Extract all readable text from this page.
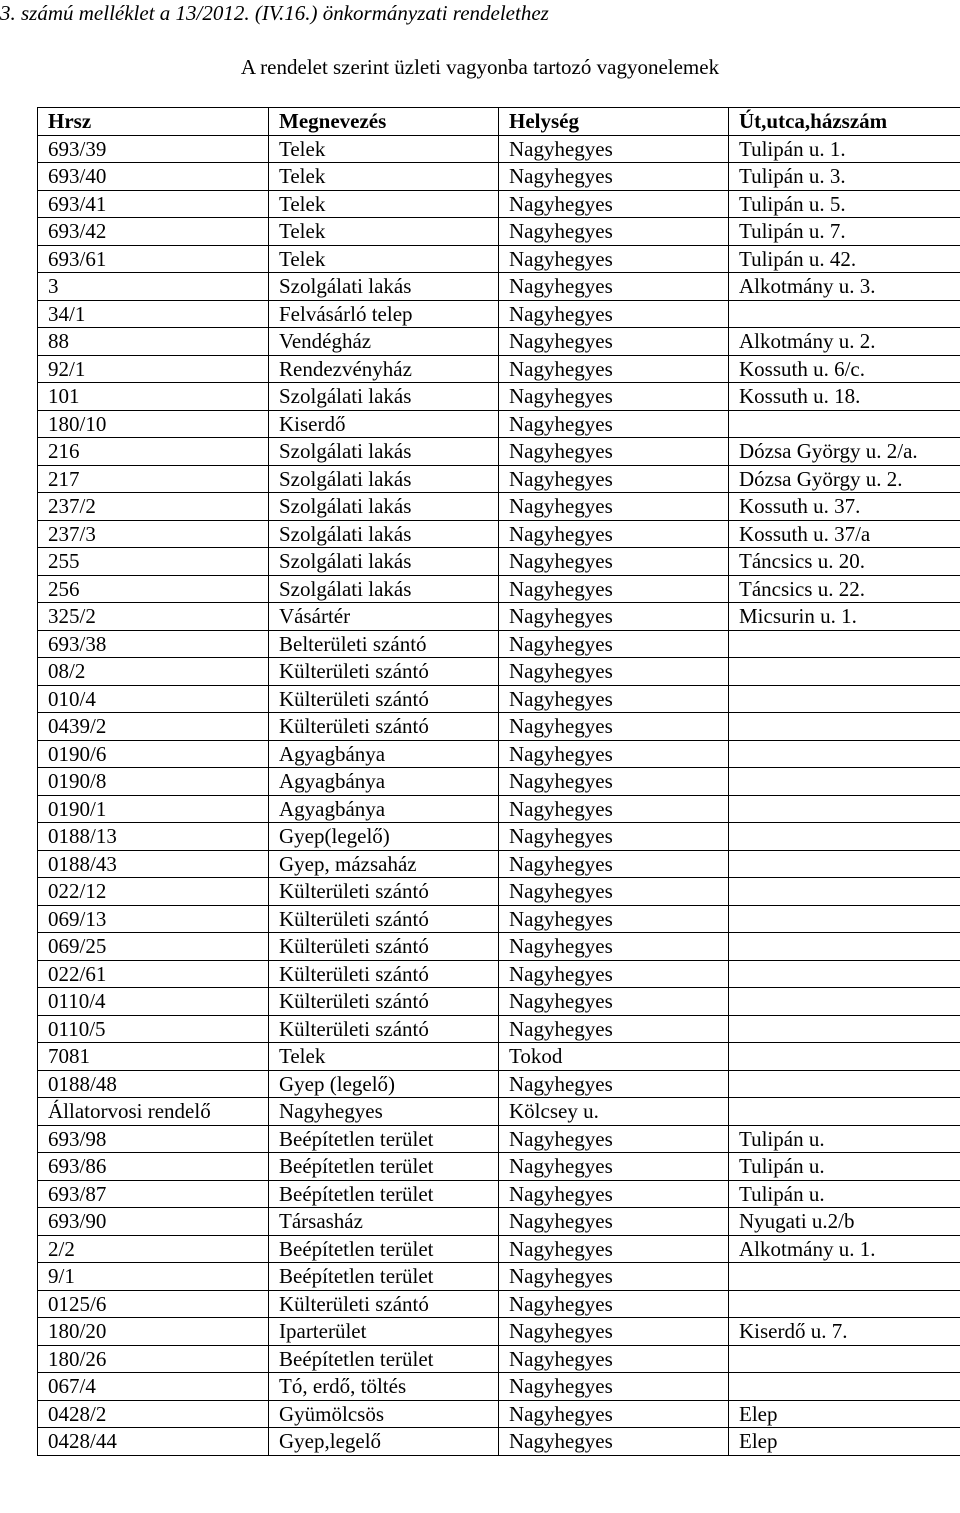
3. számú melléklet a 13/2012. (IV.16.) önkormányzati rendelethez
A rendelet szerint üzleti vagyonba tartozó vagyonelemek
Hrsz	Megnevezés	Helység	Út,utca,házszám
693/39	Telek	Nagyhegyes	Tulipán u. 1.
693/40	Telek	Nagyhegyes	Tulipán u. 3.
693/41	Telek	Nagyhegyes	Tulipán u. 5.
693/42	Telek	Nagyhegyes	Tulipán u. 7.
693/61	Telek	Nagyhegyes	Tulipán u. 42.
3	Szolgálati lakás	Nagyhegyes	Alkotmány u. 3.
34/1	Felvásárló telep	Nagyhegyes	
88	Vendégház	Nagyhegyes	Alkotmány u. 2.
92/1	Rendezvényház	Nagyhegyes	Kossuth u. 6/c.
101	Szolgálati lakás	Nagyhegyes	Kossuth u. 18.
180/10	Kiserdő	Nagyhegyes	
216	Szolgálati lakás	Nagyhegyes	Dózsa György u. 2/a.
217	Szolgálati lakás	Nagyhegyes	Dózsa György u. 2.
237/2	Szolgálati lakás	Nagyhegyes	Kossuth u. 37.
237/3	Szolgálati lakás	Nagyhegyes	Kossuth u. 37/a
255	Szolgálati lakás	Nagyhegyes	Táncsics u. 20.
256	Szolgálati lakás	Nagyhegyes	Táncsics u. 22.
325/2	Vásártér	Nagyhegyes	Micsurin u. 1.
693/38	Belterületi szántó	Nagyhegyes	
08/2	Külterületi szántó	Nagyhegyes	
010/4	Külterületi szántó	Nagyhegyes	
0439/2	Külterületi szántó	Nagyhegyes	
0190/6	Agyagbánya	Nagyhegyes	
0190/8	Agyagbánya	Nagyhegyes	
0190/1	Agyagbánya	Nagyhegyes	
0188/13	Gyep(legelő)	Nagyhegyes	
0188/43	Gyep, mázsaház	Nagyhegyes	
022/12	Külterületi szántó	Nagyhegyes	
069/13	Külterületi szántó	Nagyhegyes	
069/25	Külterületi szántó	Nagyhegyes	
022/61	Külterületi szántó	Nagyhegyes	
0110/4	Külterületi szántó	Nagyhegyes	
0110/5	Külterületi szántó	Nagyhegyes	
7081	Telek	Tokod	
0188/48	Gyep (legelő)	Nagyhegyes	
Állatorvosi rendelő	Nagyhegyes	Kölcsey u.	
693/98	Beépítetlen terület	Nagyhegyes	Tulipán u.
693/86	Beépítetlen terület	Nagyhegyes	Tulipán u.
693/87	Beépítetlen terület	Nagyhegyes	Tulipán u.
693/90	Társasház	Nagyhegyes	Nyugati u.2/b
2/2	Beépítetlen terület	Nagyhegyes	Alkotmány u. 1.
9/1	Beépítetlen terület	Nagyhegyes	
0125/6	Külterületi szántó	Nagyhegyes	
180/20	Iparterület	Nagyhegyes	Kiserdő u. 7.
180/26	Beépítetlen terület	Nagyhegyes	
067/4	Tó, erdő, töltés	Nagyhegyes	
0428/2	Gyümölcsös	Nagyhegyes	Elep
0428/44	Gyep,legelő	Nagyhegyes	Elep
